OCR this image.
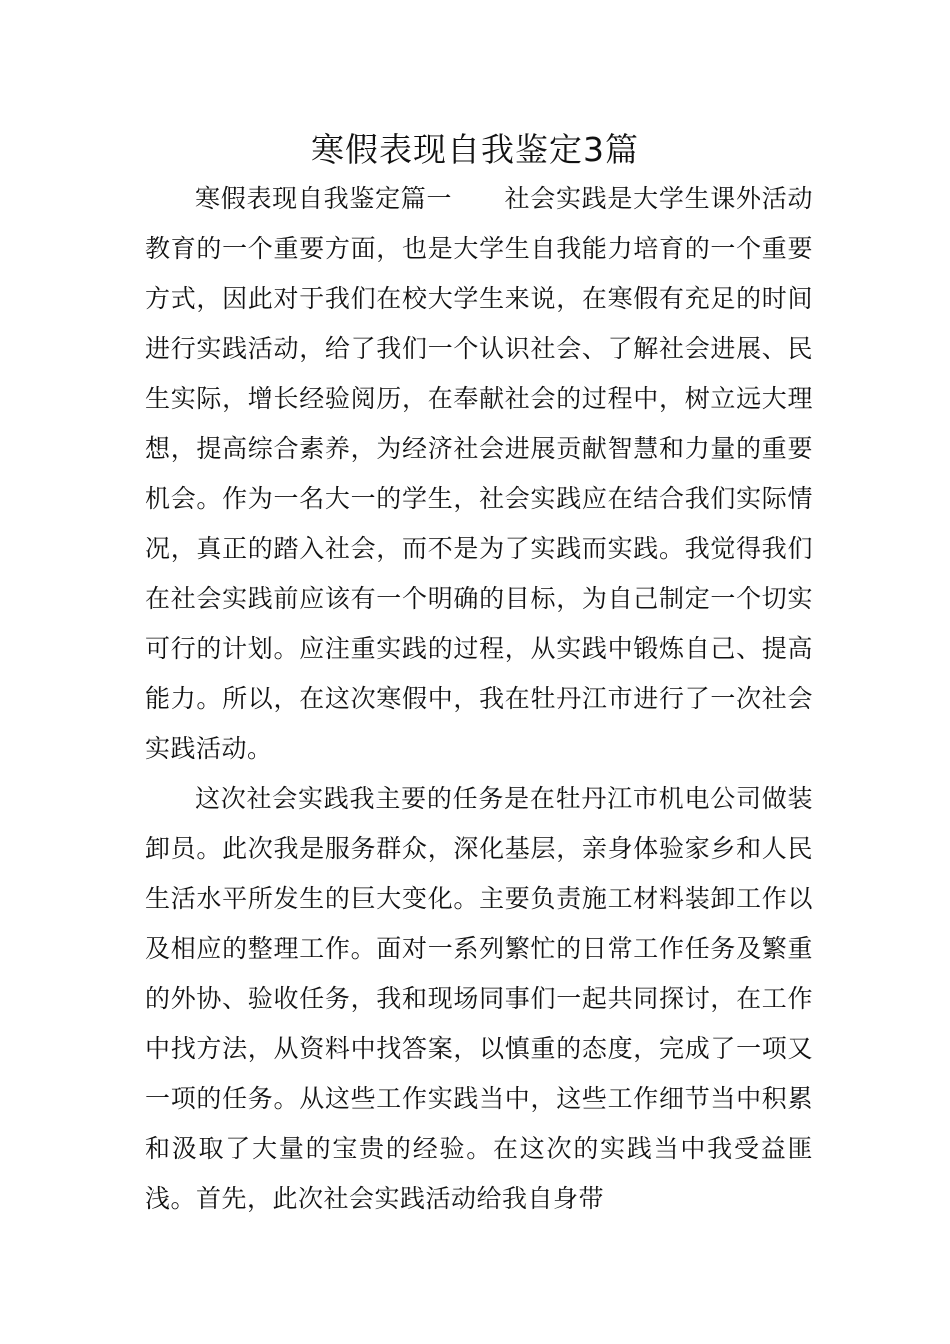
寒假表现自我鉴定3篇

寒假表现自我鉴定篇一 社会实践是大学生课外活动教育的一个重要方面，也是大学生自我能力培育的一个重要方式，因此对于我们在校大学生来说，在寒假有充足的时间进行实践活动，给了我们一个认识社会、了解社会进展、民生实际，增长经验阅历，在奉献社会的过程中，树立远大理想，提高综合素养，为经济社会进展贡献智慧和力量的重要机会。作为一名大一的学生，社会实践应在结合我们实际情况，真正的踏入社会，而不是为了实践而实践。我觉得我们在社会实践前应该有一个明确的目标，为自己制定一个切实可行的计划。应注重实践的过程，从实践中锻炼自己、提高能力。所以，在这次寒假中，我在牡丹江市进行了一次社会实践活动。

这次社会实践我主要的任务是在牡丹江市机电公司做装卸员。此次我是服务群众，深化基层，亲身体验家乡和人民生活水平所发生的巨大变化。主要负责施工材料装卸工作以及相应的整理工作。面对一系列繁忙的日常工作任务及繁重的外协、验收任务，我和现场同事们一起共同探讨，在工作中找方法，从资料中找答案，以慎重的态度，完成了一项又一项的任务。从这些工作实践当中，这些工作细节当中积累和汲取了大量的宝贵的经验。在这次的实践当中我受益匪浅。首先，此次社会实践活动给我自身带
